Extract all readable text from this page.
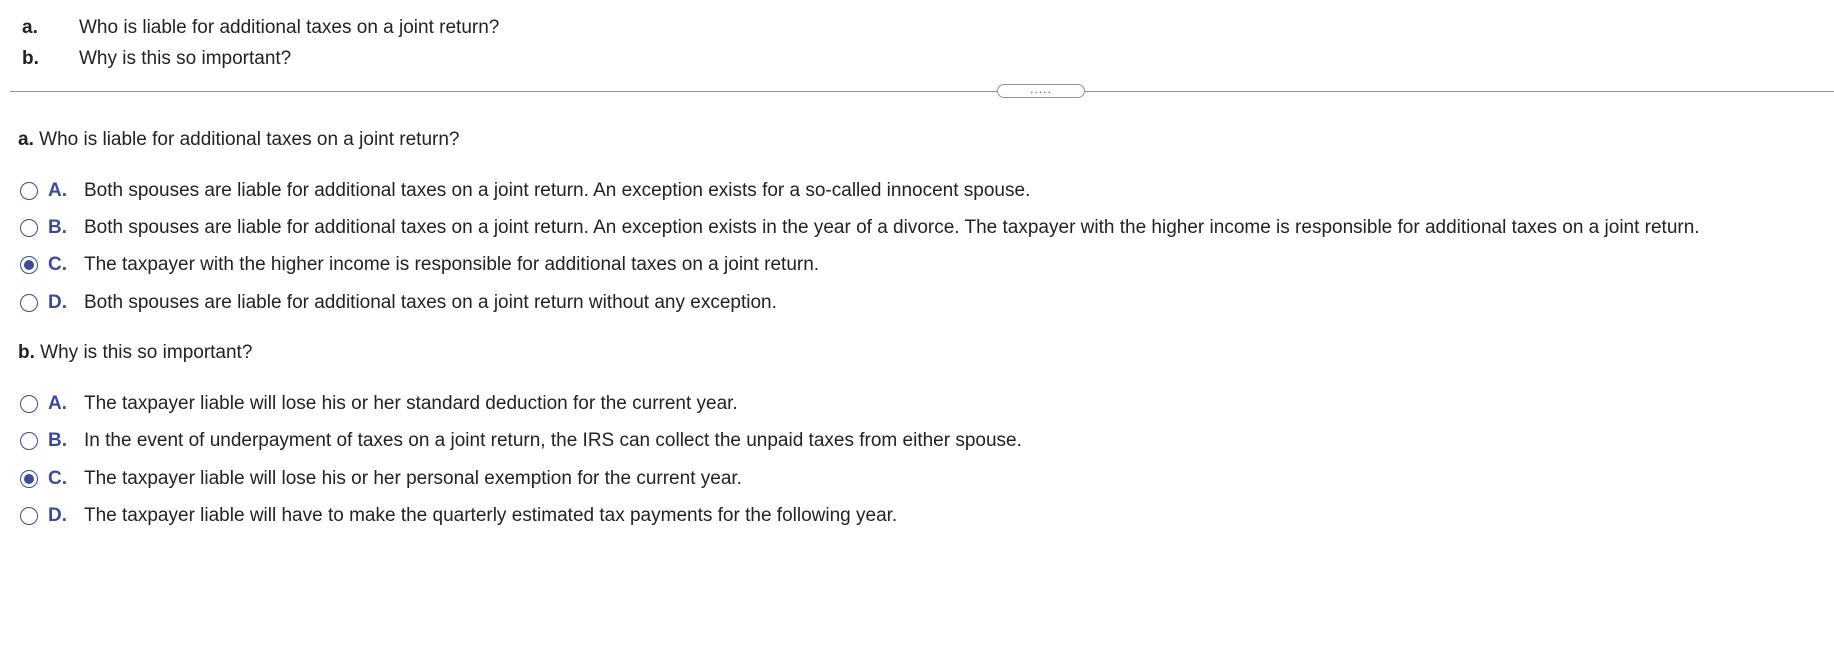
a. Who is liable for additional taxes on a joint return?
b. Why is this so important?
.....
a. Who is liable for additional taxes on a joint return?
A. Both spouses are liable for additional taxes on a joint return. An exception exists for a so-called innocent spouse.
B. Both spouses are liable for additional taxes on a joint return. An exception exists in the year of a divorce. The taxpayer with the higher income is responsible for additional taxes on a joint return.
C. The taxpayer with the higher income is responsible for additional taxes on a joint return.
D. Both spouses are liable for additional taxes on a joint return without any exception.
b. Why is this so important?
A. The taxpayer liable will lose his or her standard deduction for the current year.
B. In the event of underpayment of taxes on a joint return, the IRS can collect the unpaid taxes from either spouse.
C. The taxpayer liable will lose his or her personal exemption for the current year.
D. The taxpayer liable will have to make the quarterly estimated tax payments for the following year.
